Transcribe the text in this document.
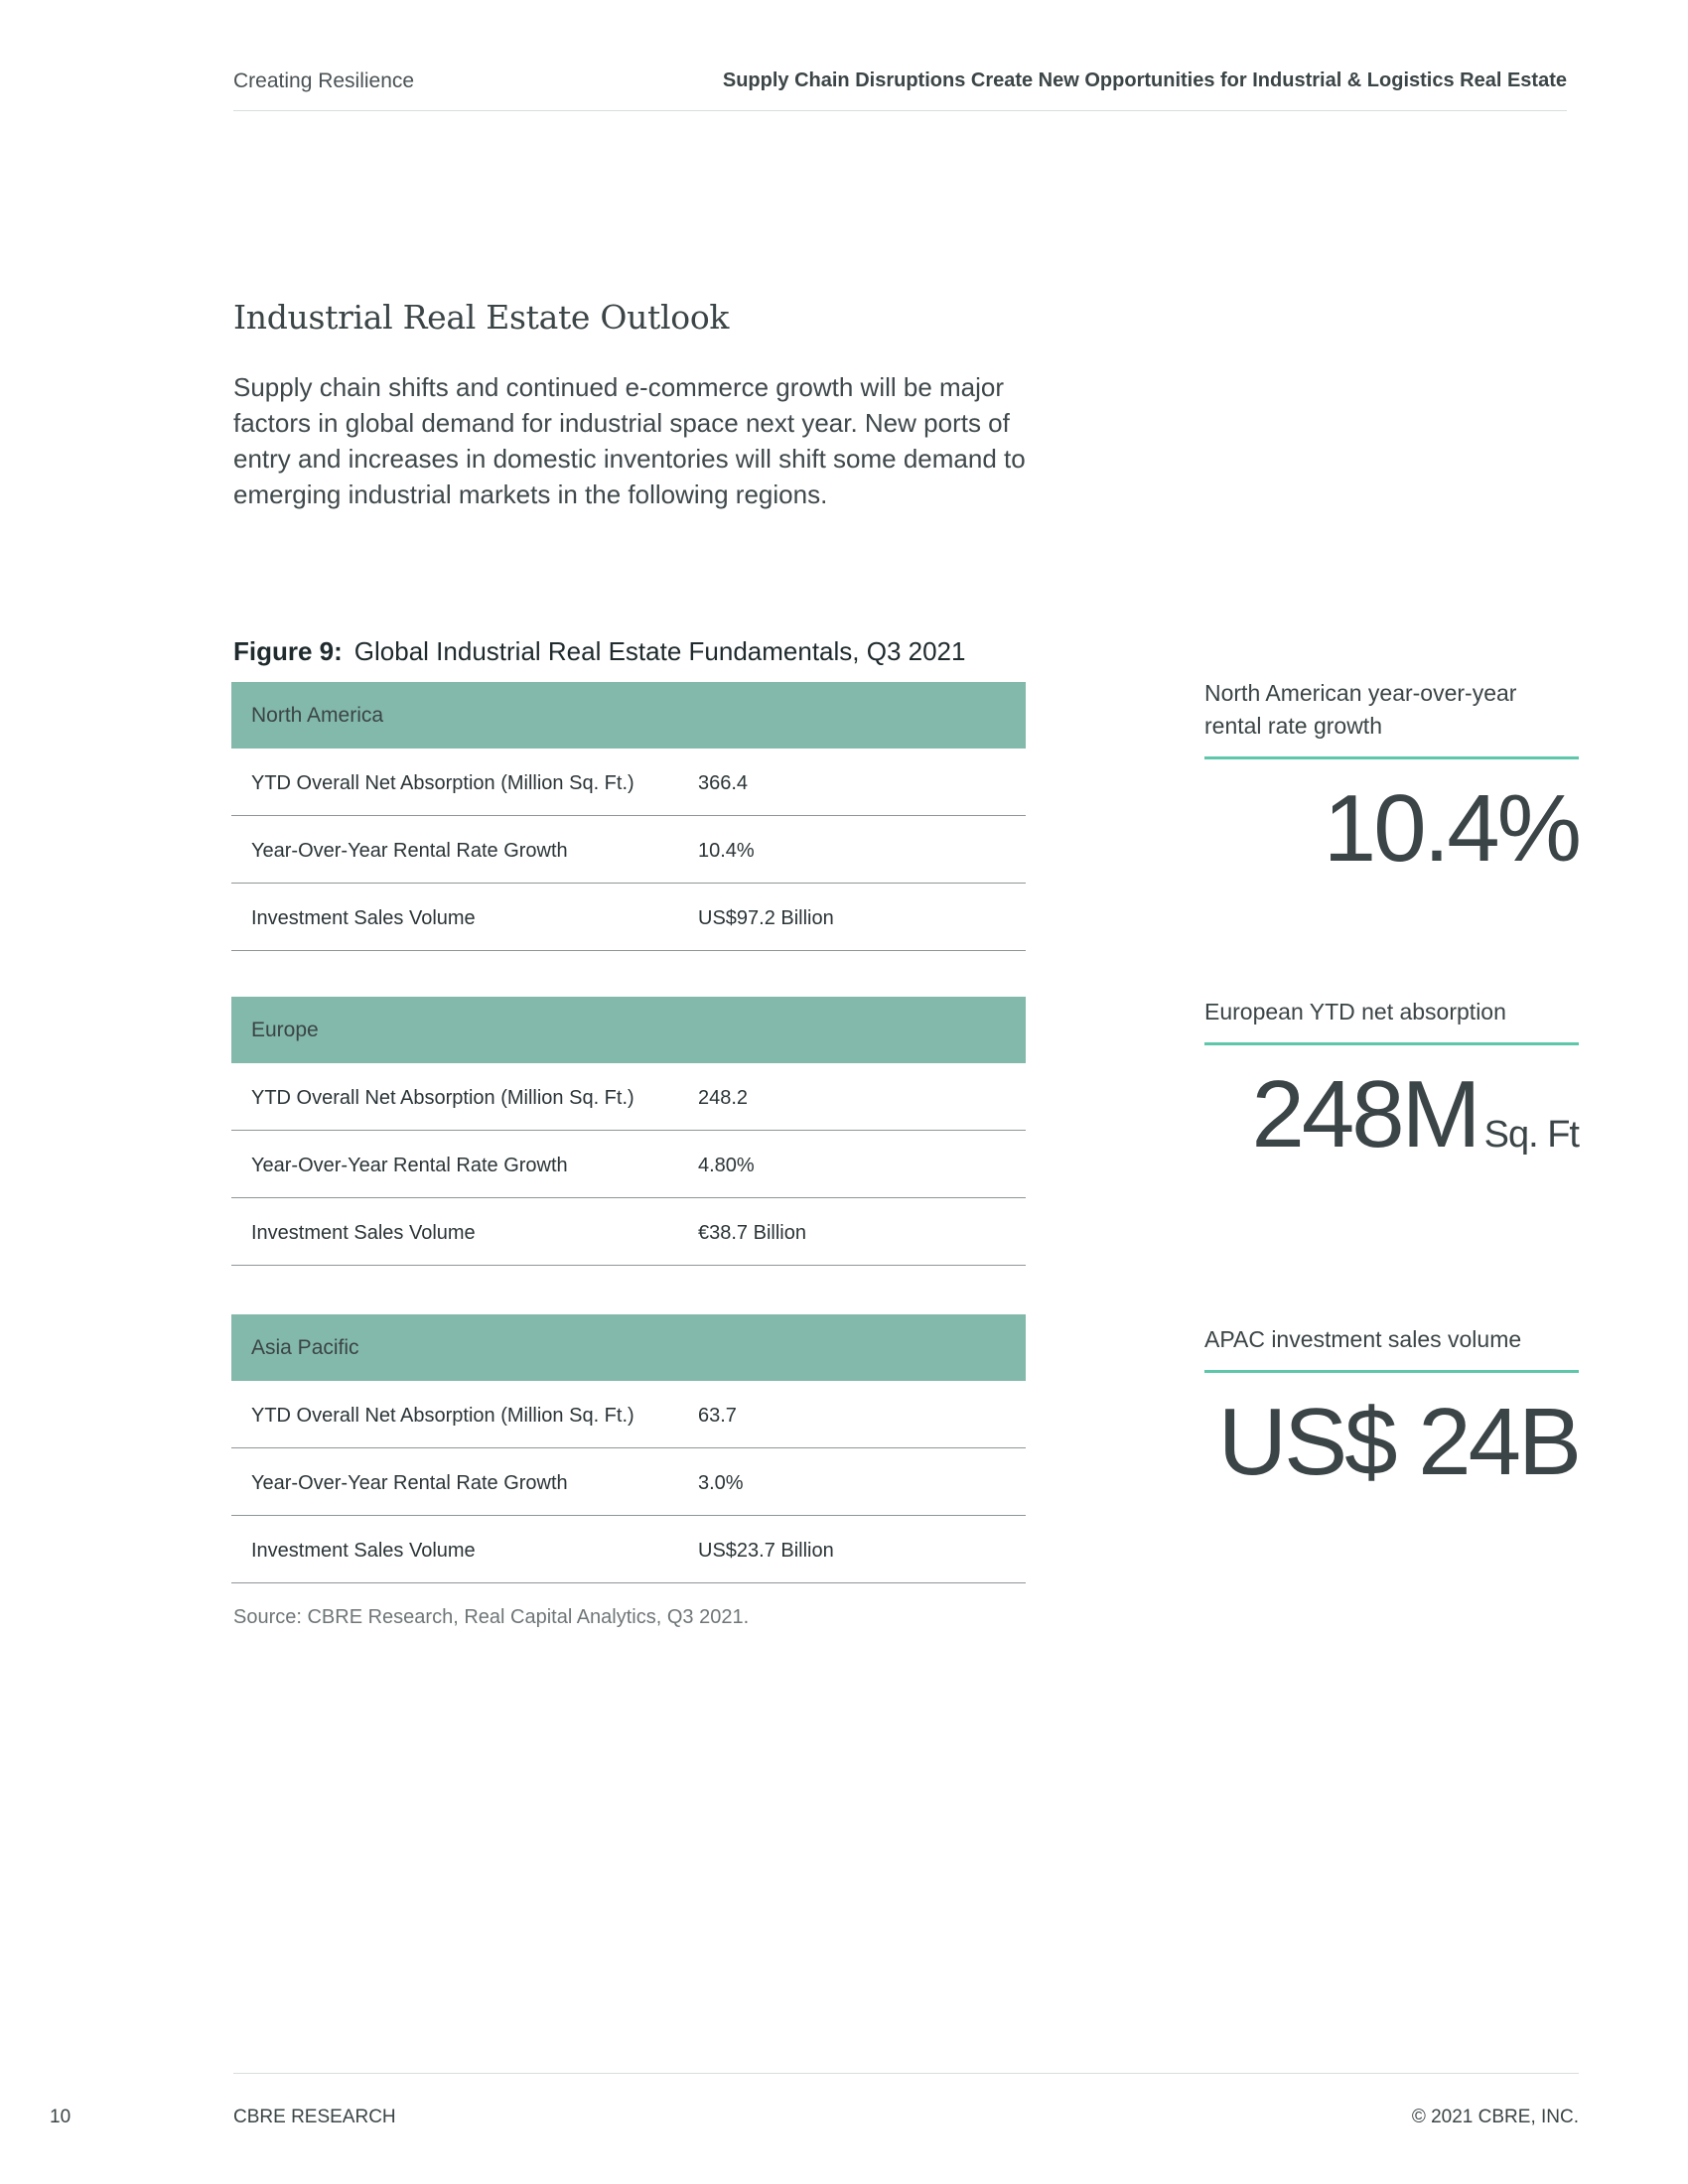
Creating Resilience	Supply Chain Disruptions Create New Opportunities for Industrial & Logistics Real Estate
Industrial Real Estate Outlook

Supply chain shifts and continued e-commerce growth will be major factors in global demand for industrial space next year. New ports of entry and increases in domestic inventories will shift some demand to emerging industrial markets in the following regions.

Figure 9: Global Industrial Real Estate Fundamentals, Q3 2021

North America
YTD Overall Net Absorption (Million Sq. Ft.)	366.4
Year-Over-Year Rental Rate Growth	10.4%
Investment Sales Volume	US$97.2 Billion
Europe
YTD Overall Net Absorption (Million Sq. Ft.)	248.2
Year-Over-Year Rental Rate Growth	4.80%
Investment Sales Volume	€38.7 Billion
Asia Pacific
YTD Overall Net Absorption (Million Sq. Ft.)	63.7
Year-Over-Year Rental Rate Growth	3.0%
Investment Sales Volume	US$23.7 Billion
Source: CBRE Research, Real Capital Analytics, Q3 2021.
North American year-over-year rental rate growth
10.4%
European YTD net absorption
248M Sq. Ft
APAC investment sales volume
US$ 24B
10	CBRE RESEARCH	© 2021 CBRE, INC.
